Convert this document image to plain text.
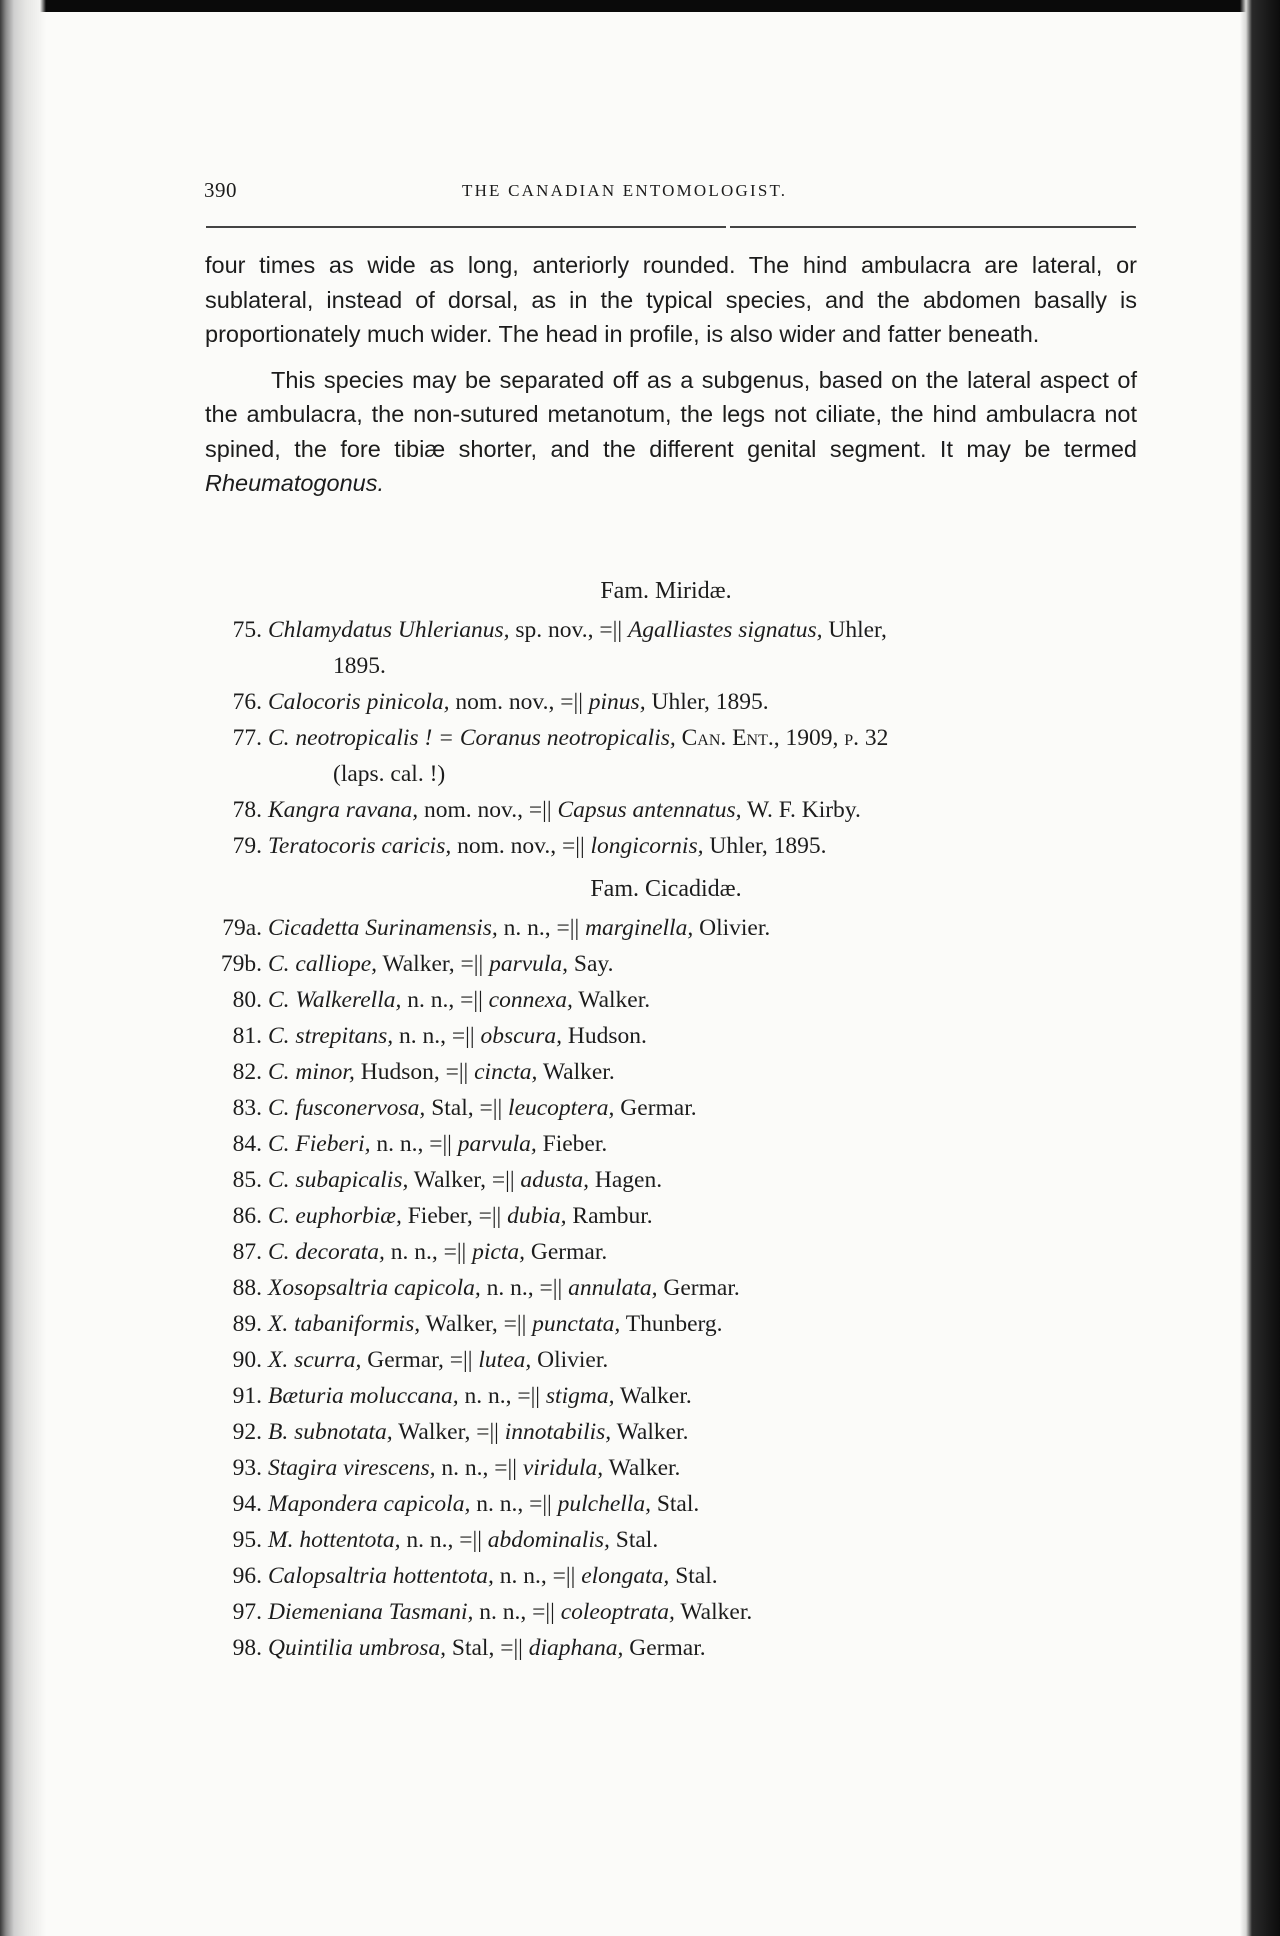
390	THE CANADIAN ENTOMOLOGIST.

four times as wide as long, anteriorly rounded. The hind ambulacra are lateral, or sublateral, instead of dorsal, as in the typical species, and the abdomen basally is proportionately much wider. The head in profile, is also wider and fatter beneath.

This species may be separated off as a subgenus, based on the lateral aspect of the ambulacra, the non-sutured metanotum, the legs not ciliate, the hind ambulacra not spined, the fore tibiæ shorter, and the different genital segment. It may be termed Rheumatogonus.

Fam. Miridæ.
75. Chlamydatus Uhlerianus, sp. nov., =|| Agalliastes signatus, Uhler,
1895.
76. Calocoris pinicola, nom. nov., =|| pinus, Uhler, 1895.
77. C. neotropicalis ! = Coranus neotropicalis, Can. Ent., 1909, p. 32
(laps. cal. !)
78. Kangra ravana, nom. nov., =|| Capsus antennatus, W. F. Kirby.
79. Teratocoris caricis, nom. nov., =|| longicornis, Uhler, 1895.
Fam. Cicadidæ.
79a. Cicadetta Surinamensis, n. n., =|| marginella, Olivier.
79b. C. calliope, Walker, =|| parvula, Say.
80. C. Walkerella, n. n., =|| connexa, Walker.
81. C. strepitans, n. n., =|| obscura, Hudson.
82. C. minor, Hudson, =|| cincta, Walker.
83. C. fusconervosa, Stal, =|| leucoptera, Germar.
84. C. Fieberi, n. n., =|| parvula, Fieber.
85. C. subapicalis, Walker, =|| adusta, Hagen.
86. C. euphorbiæ, Fieber, =|| dubia, Rambur.
87. C. decorata, n. n., =|| picta, Germar.
88. Xosopsaltria capicola, n. n., =|| annulata, Germar.
89. X. tabaniformis, Walker, =|| punctata, Thunberg.
90. X. scurra, Germar, =|| lutea, Olivier.
91. Bæturia moluccana, n. n., =|| stigma, Walker.
92. B. subnotata, Walker, =|| innotabilis, Walker.
93. Stagira virescens, n. n., =|| viridula, Walker.
94. Mapondera capicola, n. n., =|| pulchella, Stal.
95. M. hottentota, n. n., =|| abdominalis, Stal.
96. Calopsaltria hottentota, n. n., =|| elongata, Stal.
97. Diemeniana Tasmani, n. n., =|| coleoptrata, Walker.
98. Quintilia umbrosa, Stal, =|| diaphana, Germar.
